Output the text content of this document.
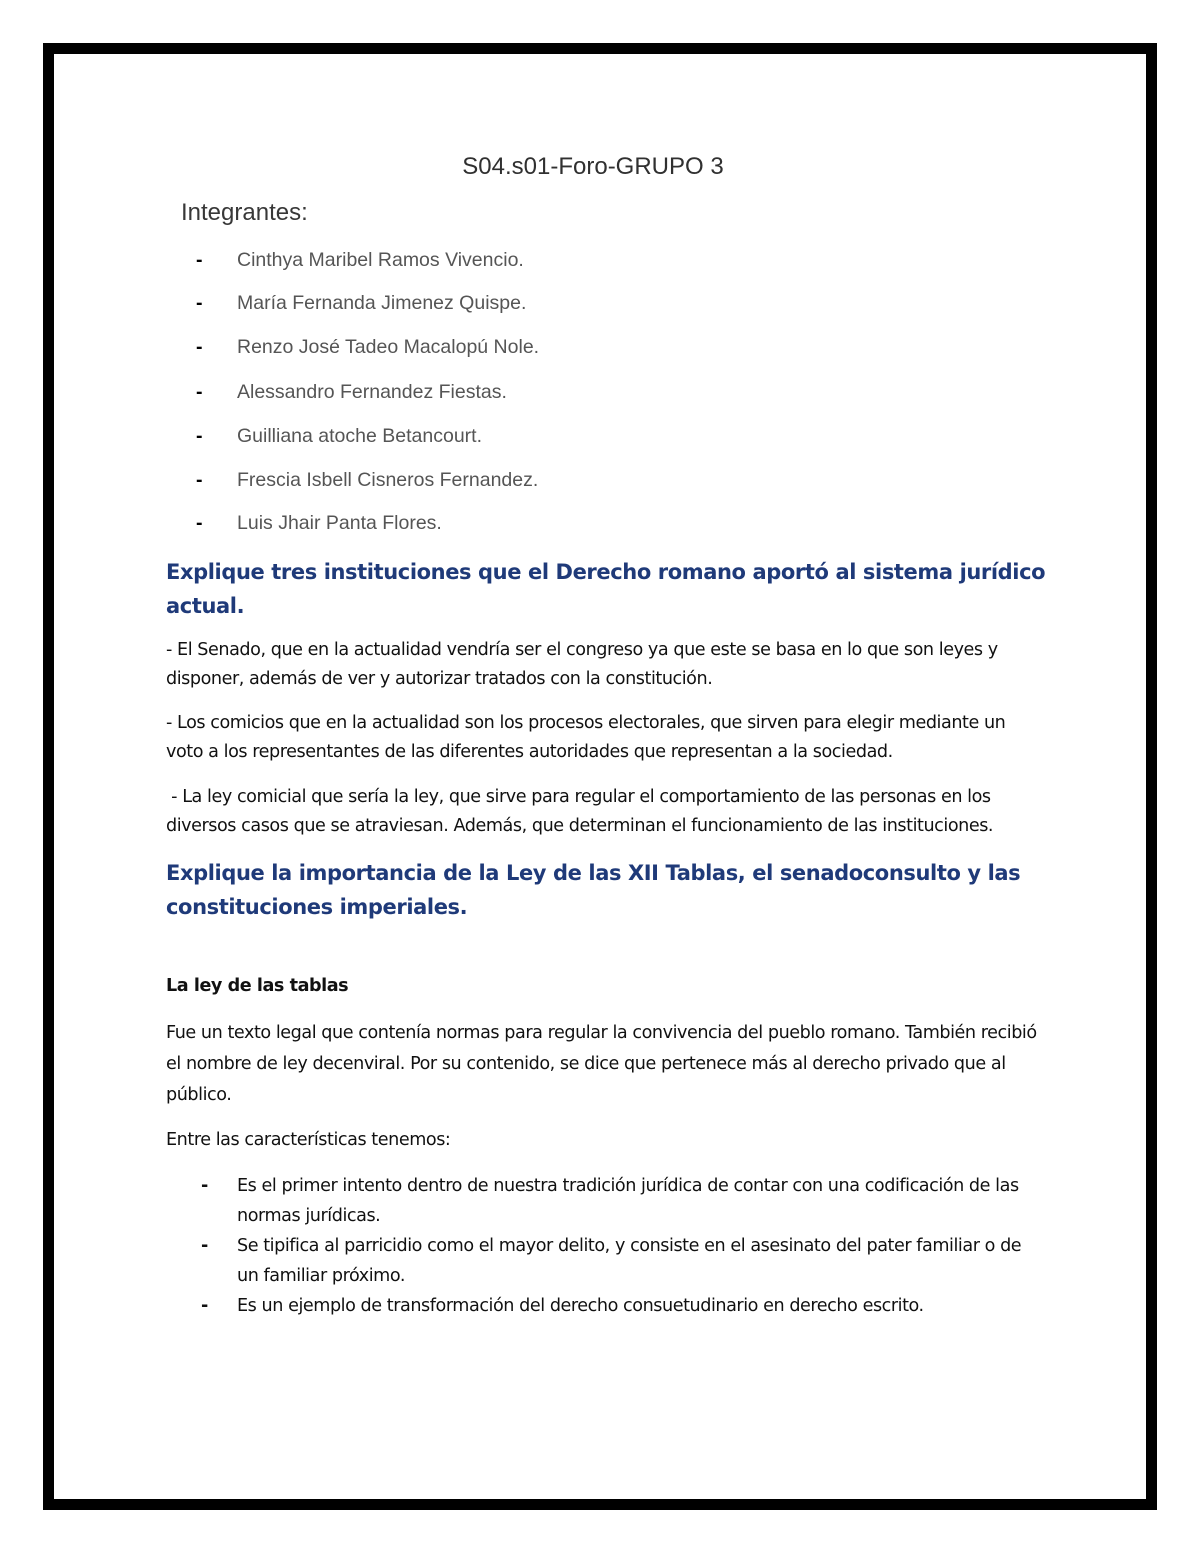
S04.s01-Foro-GRUPO 3
Integrantes:
- Cinthya Maribel Ramos Vivencio.
- María Fernanda Jimenez Quispe.
- Renzo José Tadeo Macalopú Nole.
- Alessandro Fernandez Fiestas.
- Guilliana atoche Betancourt.
- Frescia Isbell Cisneros Fernandez.
- Luis Jhair Panta Flores.
Explique tres instituciones que el Derecho romano aportó al sistema jurídico actual.

- El Senado, que en la actualidad vendría ser el congreso ya que este se basa en lo que son leyes y disponer, además de ver y autorizar tratados con la constitución.

- Los comicios que en la actualidad son los procesos electorales, que sirven para elegir mediante un voto a los representantes de las diferentes autoridades que representan a la sociedad.

- La ley comicial que sería la ley, que sirve para regular el comportamiento de las personas en los diversos casos que se atraviesan. Además, que determinan el funcionamiento de las instituciones.

Explique la importancia de la Ley de las XII Tablas, el senadoconsulto y las constituciones imperiales.

La ley de las tablas

Fue un texto legal que contenía normas para regular la convivencia del pueblo romano. También recibió el nombre de ley decenviral. Por su contenido, se dice que pertenece más al derecho privado que al público.

Entre las características tenemos:

- Es el primer intento dentro de nuestra tradición jurídica de contar con una codificación de las normas jurídicas.
- Se tipifica al parricidio como el mayor delito, y consiste en el asesinato del pater familiar o de un familiar próximo.
- Es un ejemplo de transformación del derecho consuetudinario en derecho escrito.
